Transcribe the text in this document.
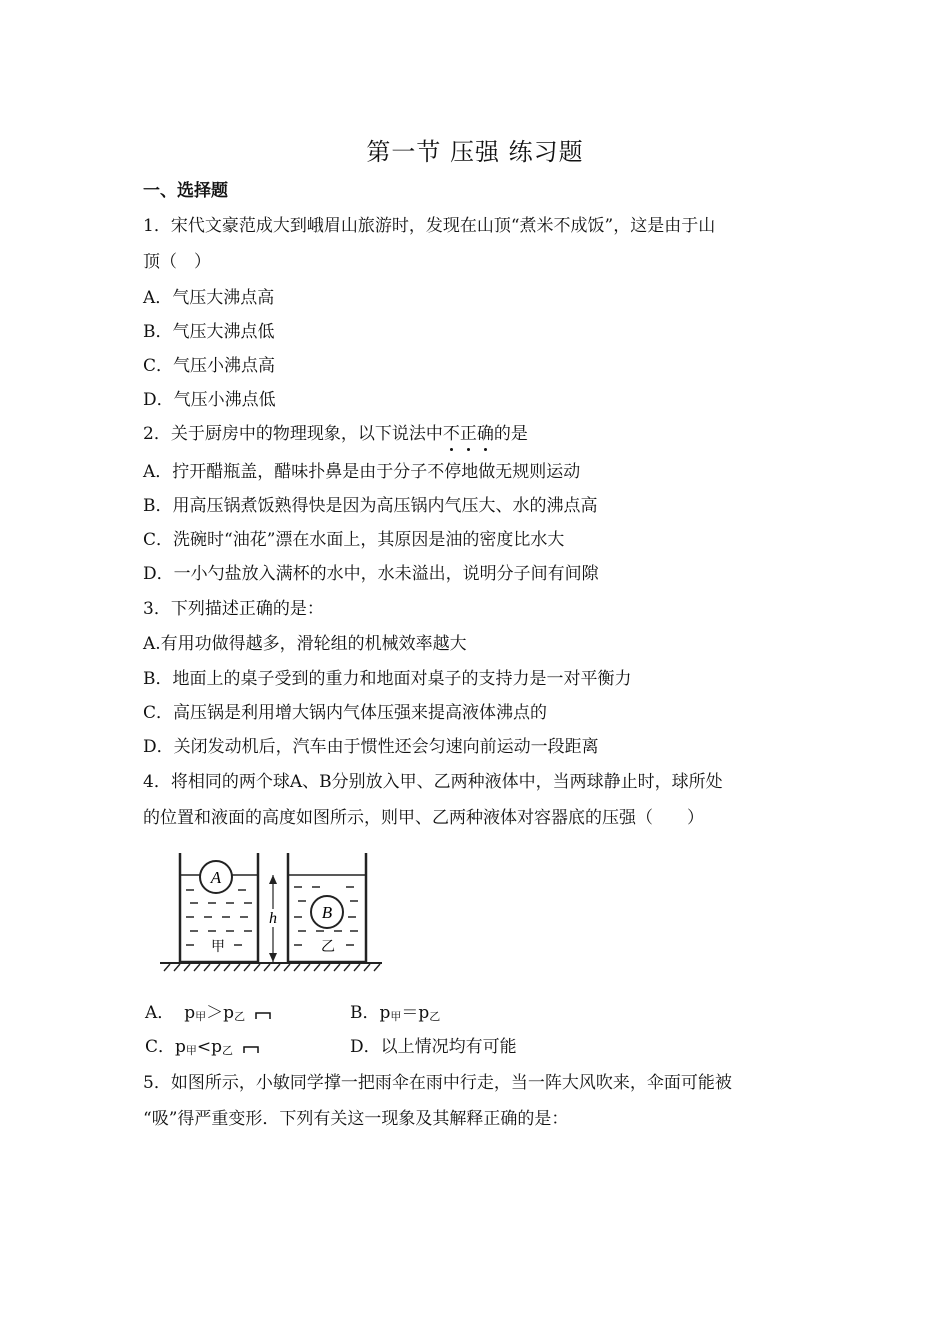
第一节 压强 练习题
一、选择题
1．宋代文豪范成大到峨眉山旅游时，发现在山顶“煮米不成饭”，这是由于山
顶（　）
A．气压大沸点高
B．气压大沸点低
C．气压小沸点高
D．气压小沸点低
2．关于厨房中的物理现象，以下说法中不正确的是
A．拧开醋瓶盖，醋味扑鼻是由于分子不停地做无规则运动
B．用高压锅煮饭熟得快是因为高压锅内气压大、水的沸点高
C．洗碗时“油花”漂在水面上，其原因是油的密度比水大
D．一小勺盐放入满杯的水中，水未溢出，说明分子间有间隙
3．下列描述正确的是：
A.有用功做得越多，滑轮组的机械效率越大
B．地面上的桌子受到的重力和地面对桌子的支持力是一对平衡力
C．高压锅是利用增大锅内气体压强来提高液体沸点的
D．关闭发动机后，汽车由于惯性还会匀速向前运动一段距离
4．将相同的两个球A、B分别放入甲、乙两种液体中，当两球静止时，球所处
的位置和液面的高度如图所示，则甲、乙两种液体对容器底的压强（　　）
A
B
h
甲	乙
A． p甲＞p乙	B．p甲＝p乙
C．p甲<p乙	D．以上情况均有可能
5．如图所示，小敏同学撑一把雨伞在雨中行走，当一阵大风吹来，伞面可能被
“吸”得严重变形．下列有关这一现象及其解释正确的是：
